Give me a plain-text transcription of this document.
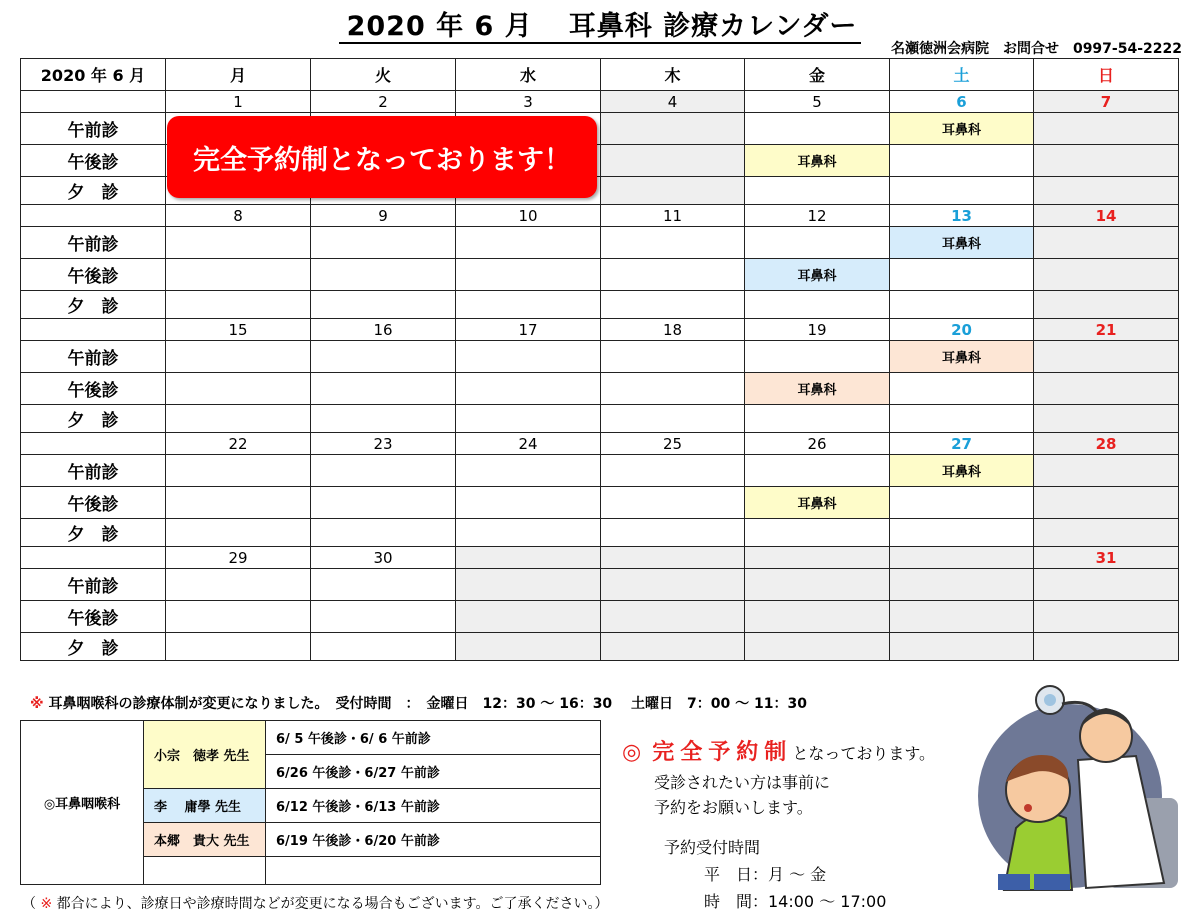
2020 年 6 月 耳鼻科 診療カレンダー
名瀬徳洲会病院　お問合せ　0997-54-2222
2020 年 6 月	月	火	水	木	金	土	日
	1	2	3	4	5	6	7
午前診						耳鼻科	
午後診					耳鼻科		
夕　診							
	8	9	10	11	12	13	14
午前診						耳鼻科	
午後診					耳鼻科		
夕　診							
	15	16	17	18	19	20	21
午前診						耳鼻科	
午後診					耳鼻科		
夕　診							
	22	23	24	25	26	27	28
午前診						耳鼻科	
午後診					耳鼻科		
夕　診							
	29	30					31
午前診							
午後診							
夕　診							
完全予約制となっております！
※ 耳鼻咽喉科の診療体制が変更になりました。　受付時間　：　金曜日　12：30 ～ 16：30　 土曜日　7：00 ～ 11：30
◎耳鼻咽喉科	小宗　徳孝 先生	6/ 5 午後診・6/ 6 午前診
		6/26 午後診・6/27 午前診
	李　 庸學 先生	6/12 午後診・6/13 午前診
	本郷　貴大 先生	6/19 午後診・6/20 午前診

◎ 完全予約制となっております。
受診されたい方は事前に
予約をお願いします。
予約受付時間
平　日：月 ～ 金
時　間：14:00 ～ 17:00
（ ※ 都合により、診療日や診療時間などが変更になる場合もございます。ご了承ください。）
